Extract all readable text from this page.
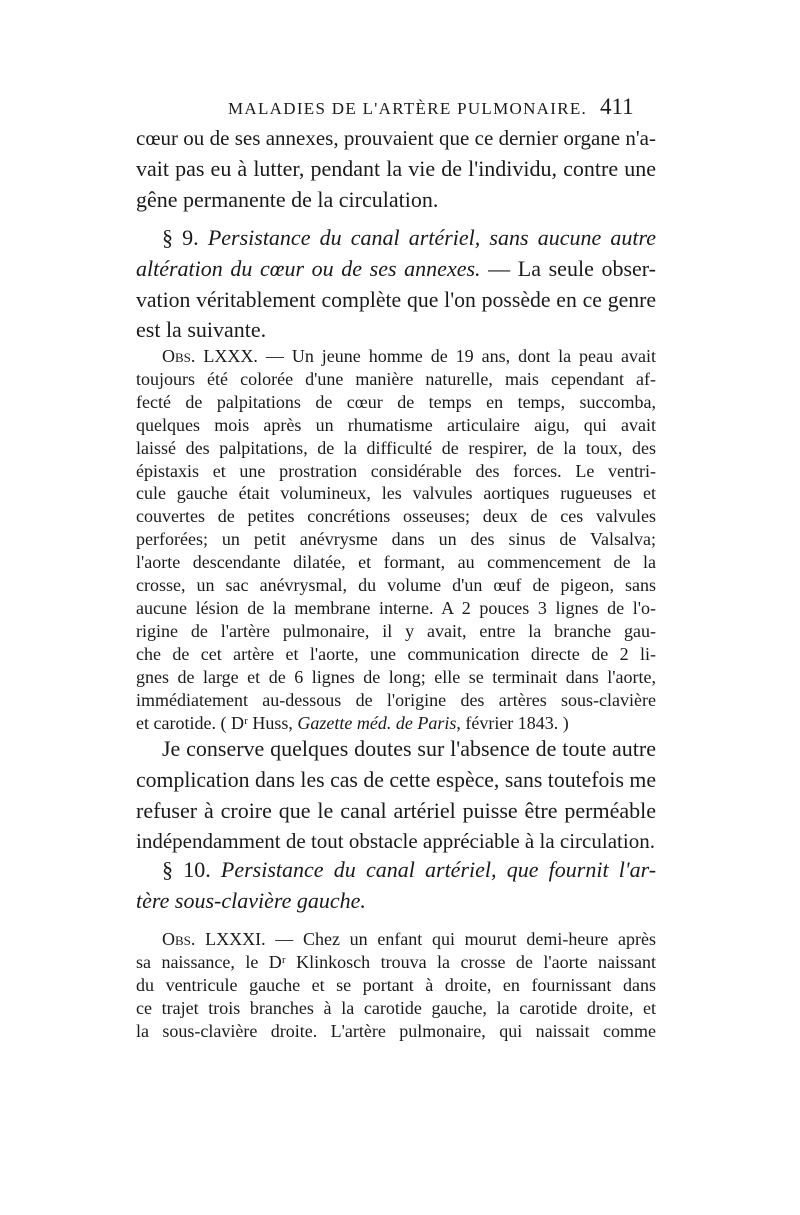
MALADIES DE L'ARTÈRE PULMONAIRE. 411
cœur ou de ses annexes, prouvaient que ce dernier organe n'a-
vait pas eu à lutter, pendant la vie de l'individu, contre une
gêne permanente de la circulation.
§ 9. Persistance du canal artériel, sans aucune autre
altération du cœur ou de ses annexes. — La seule obser-
vation véritablement complète que l'on possède en ce genre
est la suivante.
Obs. LXXX. — Un jeune homme de 19 ans, dont la peau avait
toujours été colorée d'une manière naturelle, mais cependant af-
fecté de palpitations de cœur de temps en temps, succomba,
quelques mois après un rhumatisme articulaire aigu, qui avait
laissé des palpitations, de la difficulté de respirer, de la toux, des
épistaxis et une prostration considérable des forces. Le ventri-
cule gauche était volumineux, les valvules aortiques rugueuses et
couvertes de petites concrétions osseuses; deux de ces valvules
perforées; un petit anévrysme dans un des sinus de Valsalva;
l'aorte descendante dilatée, et formant, au commencement de la
crosse, un sac anévrysmal, du volume d'un œuf de pigeon, sans
aucune lésion de la membrane interne. A 2 pouces 3 lignes de l'o-
rigine de l'artère pulmonaire, il y avait, entre la branche gau-
che de cet artère et l'aorte, une communication directe de 2 li-
gnes de large et de 6 lignes de long; elle se terminait dans l'aorte,
immédiatement au-dessous de l'origine des artères sous-clavière
et carotide. ( Dʳ Huss, Gazette méd. de Paris, février 1843. )
Je conserve quelques doutes sur l'absence de toute autre
complication dans les cas de cette espèce, sans toutefois me
refuser à croire que le canal artériel puisse être perméable
indépendamment de tout obstacle appréciable à la circulation.
§ 10. Persistance du canal artériel, que fournit l'ar-
tère sous-clavière gauche.
Obs. LXXXI. — Chez un enfant qui mourut demi-heure après
sa naissance, le Dʳ Klinkosch trouva la crosse de l'aorte naissant
du ventricule gauche et se portant à droite, en fournissant dans
ce trajet trois branches à la carotide gauche, la carotide droite, et
la sous-clavière droite. L'artère pulmonaire, qui naissait comme
